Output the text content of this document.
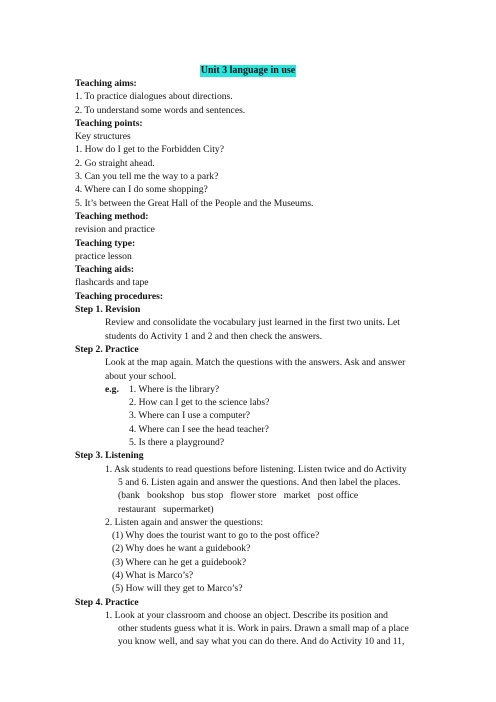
Unit 3 language in use
Teaching aims:
1. To practice dialogues about directions.
2. To understand some words and sentences.
Teaching points:
Key structures
1. How do I get to the Forbidden City?
2. Go straight ahead.
3. Can you tell me the way to a park?
4. Where can I do some shopping?
5. It’s between the Great Hall of the People and the Museums.
Teaching method:
revision and practice
Teaching type:
practice lesson
Teaching aids:
flashcards and tape
Teaching procedures:
Step 1. Revision
Review and consolidate the vocabulary just learned in the first two units. Let
students do Activity 1 and 2 and then check the answers.
Step 2. Practice
Look at the map again. Match the questions with the answers. Ask and answer
about your school.
e.g. 1. Where is the library?
2. How can I get to the science labs?
3. Where can I use a computer?
4. Where can I see the head teacher?
5. Is there a playground?
Step 3. Listening
1. Ask students to read questions before listening. Listen twice and do Activity
5 and 6. Listen again and answer the questions. And then label the places.
(bank   bookshop   bus stop   flower store   market   post office
restaurant   supermarket)
2. Listen again and answer the questions:
(1) Why does the tourist want to go to the post office?
(2) Why does he want a guidebook?
(3) Where can he get a guidebook?
(4) What is Marco’s?
(5) How will they get to Marco’s?
Step 4. Practice
1. Look at your classroom and choose an object. Describe its position and
other students guess what it is. Work in pairs. Drawn a small map of a place
you know well, and say what you can do there. And do Activity 10 and 11,
